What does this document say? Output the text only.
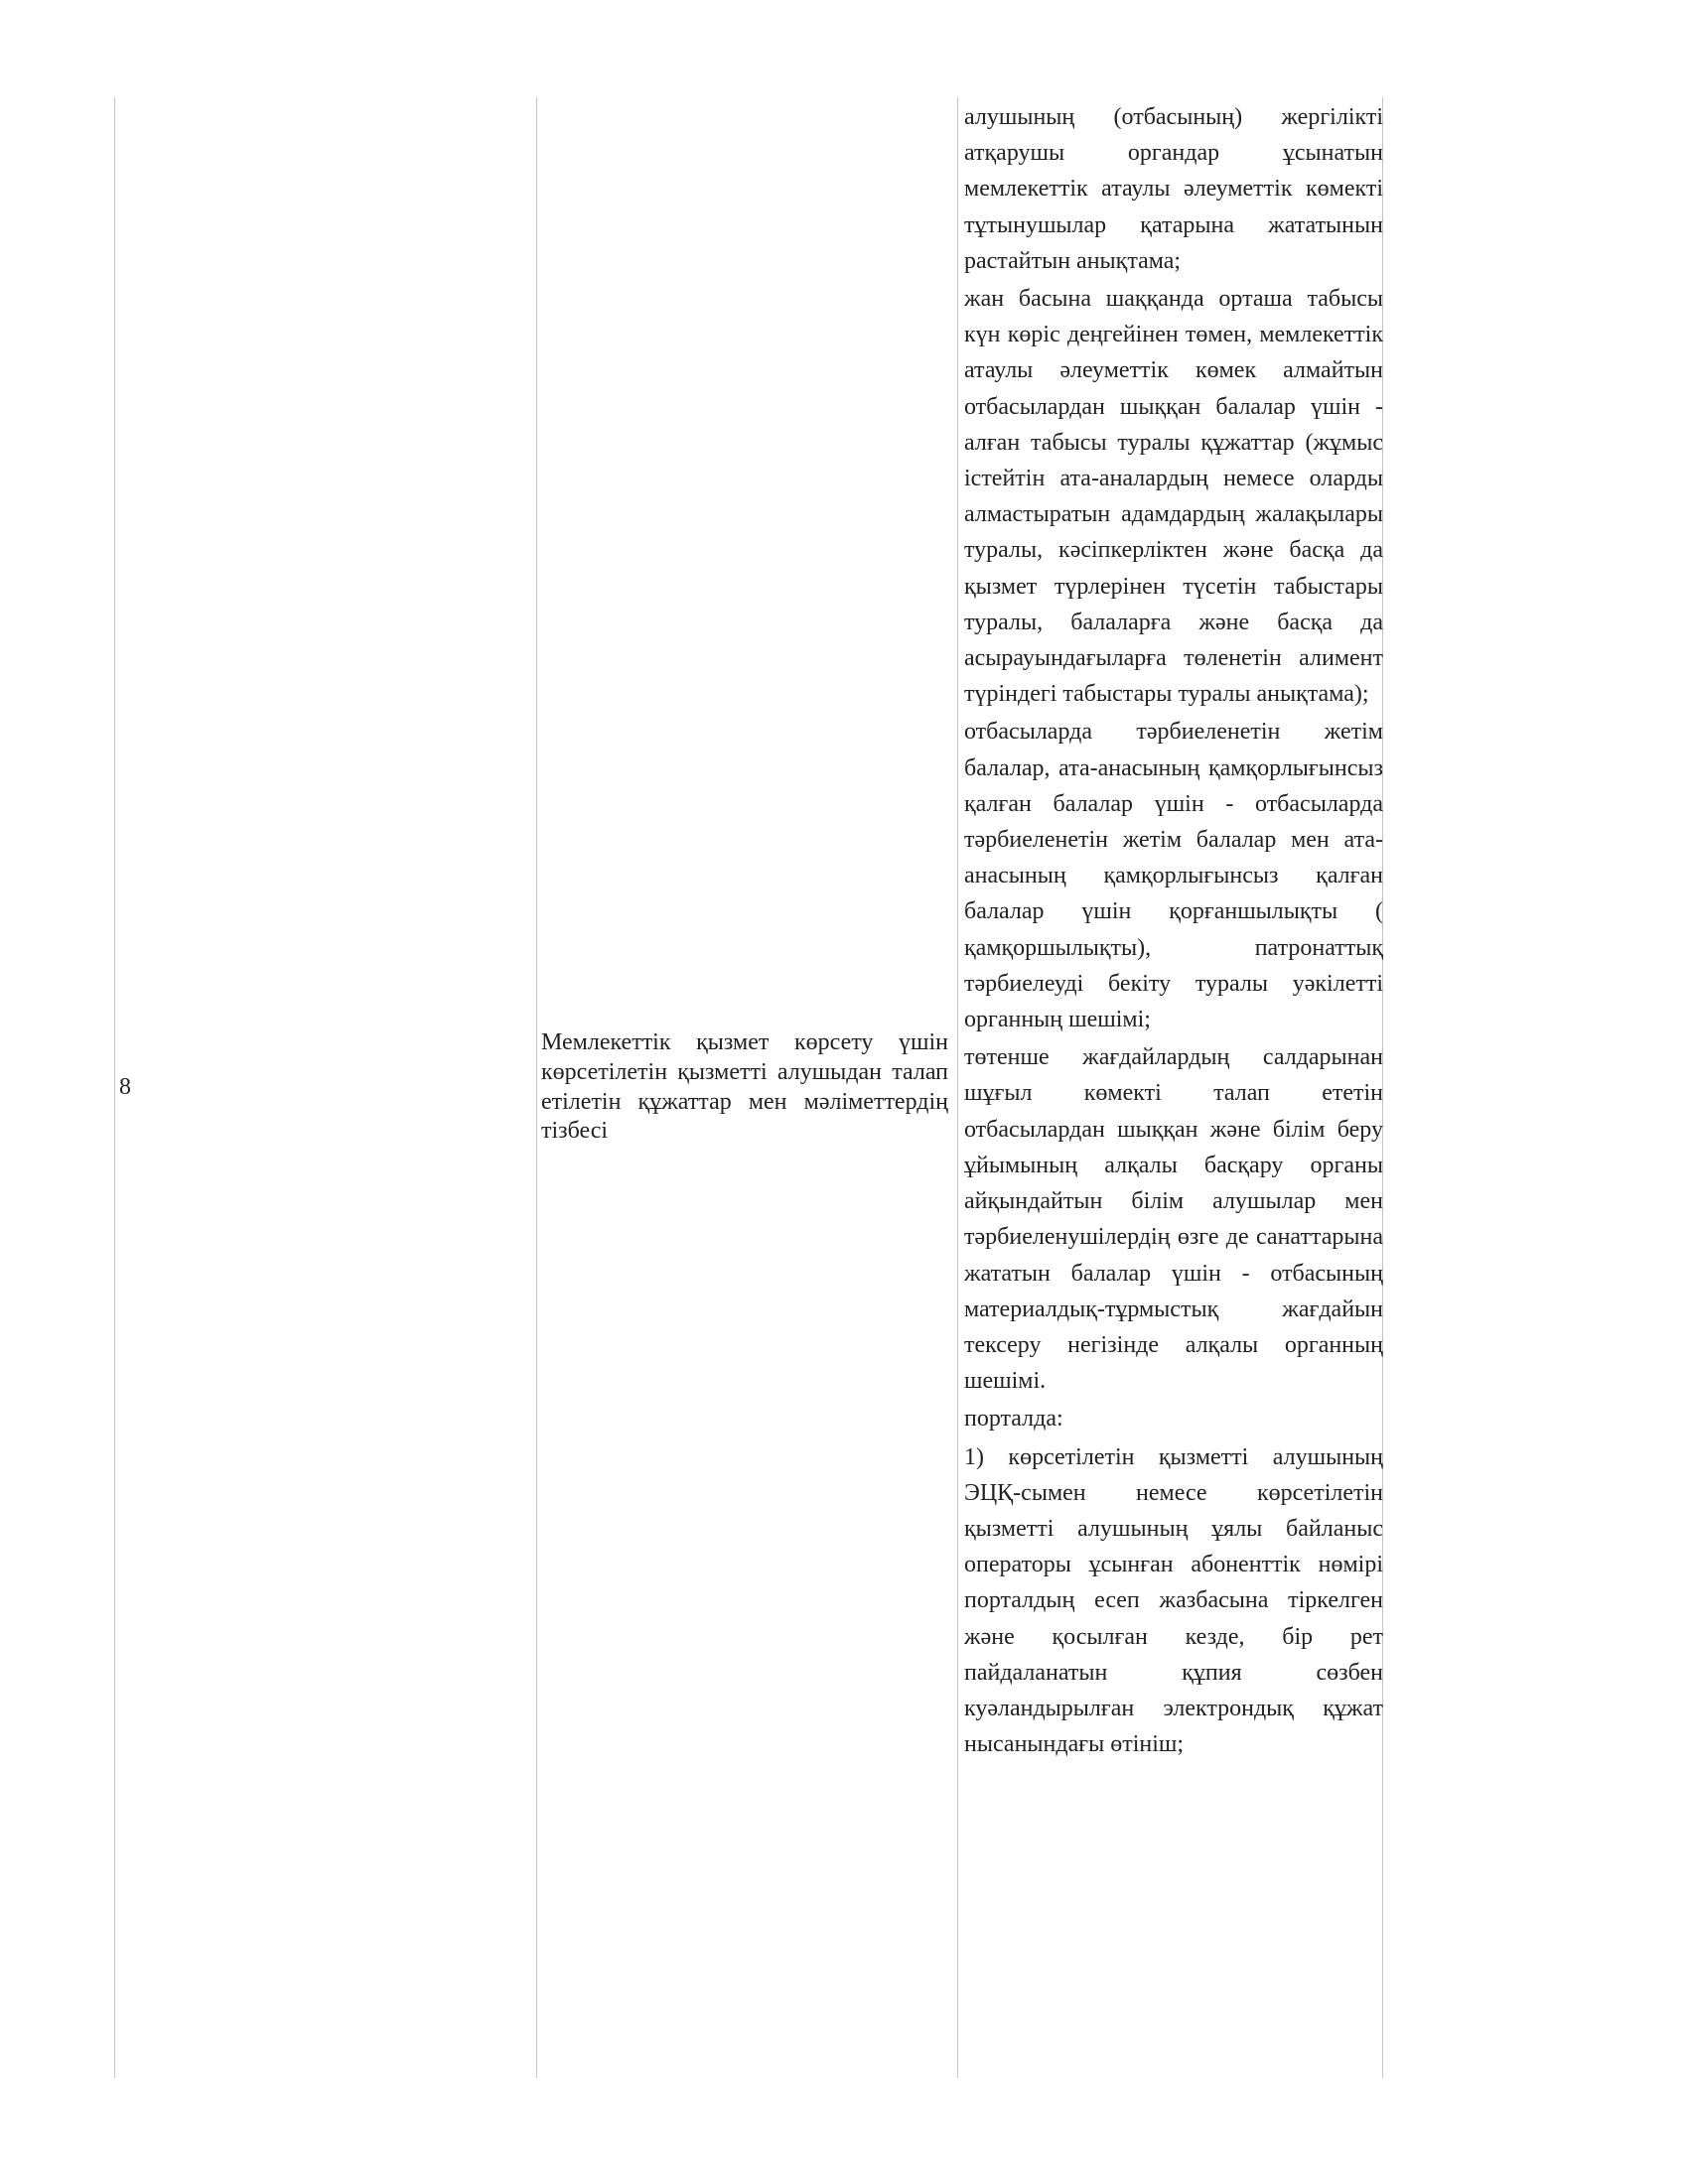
8
Мемлекеттік қызмет көрсету үшін көрсетілетін қызметті алушыдан талап етілетін құжаттар мен мәліметтердің тізбесі

алушының (отбасының) жергілікті атқарушы органдар ұсынатын мемлекеттік атаулы әлеуметтік көмекті тұтынушылар қатарына жататынын растайтын анықтама;

жан басына шаққанда орташа табысы күн көріс деңгейінен төмен, мемлекеттік атаулы әлеуметтік көмек алмайтын отбасылардан шыққан балалар үшін - алған табысы туралы құжаттар (жұмыс істейтін ата-аналардың немесе оларды алмастыратын адамдардың жалақылары туралы, кәсіпкерліктен және басқа да қызмет түрлерінен түсетін табыстары туралы, балаларға және басқа да асырауындағыларға төленетін алимент түріндегі табыстары туралы анықтама);

отбасыларда тәрбиеленетін жетім балалар, ата-анасының қамқорлығынсыз қалған балалар үшін - отбасыларда тәрбиеленетін жетім балалар мен ата-анасының қамқорлығынсыз қалған балалар үшін қорғаншылықты ( қамқоршылықты), патронаттық тәрбиелеуді бекіту туралы уәкілетті органның шешімі;

төтенше жағдайлардың салдарынан шұғыл көмекті талап ететін отбасылардан шыққан және білім беру ұйымының алқалы басқару органы айқындайтын білім алушылар мен тәрбиеленушілердің өзге де санаттарына жататын балалар үшін - отбасының материалдық-тұрмыстық жағдайын тексеру негізінде алқалы органның шешімі.

порталда:

1) көрсетілетін қызметті алушының ЭЦҚ-сымен немесе көрсетілетін қызметті алушының ұялы байланыс операторы ұсынған абоненттік нөмірі порталдың есеп жазбасына тіркелген және қосылған кезде, бір рет пайдаланатын құпия сөзбен куәландырылған электрондық құжат нысанындағы өтініш;
